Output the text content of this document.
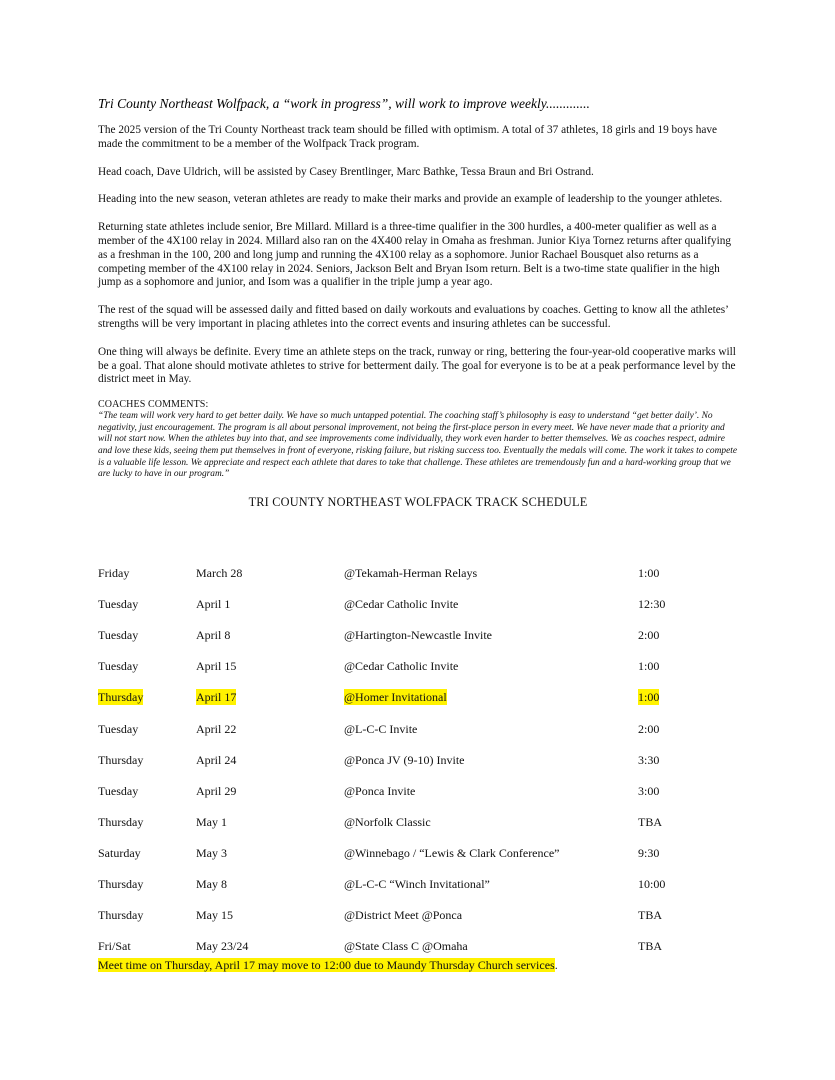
Tri County Northeast Wolfpack, a “work in progress”, will work to improve weekly.............

The 2025 version of the Tri County Northeast track team should be filled with optimism. A total of 37 athletes, 18 girls and 19 boys have made the commitment to be a member of the Wolfpack Track program.

Head coach, Dave Uldrich, will be assisted by Casey Brentlinger, Marc Bathke, Tessa Braun and Bri Ostrand.

Heading into the new season, veteran athletes are ready to make their marks and provide an example of leadership to the younger athletes.

Returning state athletes include senior, Bre Millard. Millard is a three-time qualifier in the 300 hurdles, a 400-meter qualifier as well as a member of the 4X100 relay in 2024. Millard also ran on the 4X400 relay in Omaha as freshman. Junior Kiya Tornez returns after qualifying as a freshman in the 100, 200 and long jump and running the 4X100 relay as a sophomore. Junior Rachael Bousquet also returns as a competing member of the 4X100 relay in 2024. Seniors, Jackson Belt and Bryan Isom return. Belt is a two-time state qualifier in the high jump as a sophomore and junior, and Isom was a qualifier in the triple jump a year ago.

The rest of the squad will be assessed daily and fitted based on daily workouts and evaluations by coaches. Getting to know all the athletes’ strengths will be very important in placing athletes into the correct events and insuring athletes can be successful.

One thing will always be definite. Every time an athlete steps on the track, runway or ring, bettering the four-year-old cooperative marks will be a goal. That alone should motivate athletes to strive for betterment daily. The goal for everyone is to be at a peak performance level by the district meet in May.

COACHES COMMENTS:
“The team will work very hard to get better daily. We have so much untapped potential. The coaching staff’s philosophy is easy to understand “get better daily’. No negativity, just encouragement. The program is all about personal improvement, not being the first-place person in every meet. We have never made that a priority and will not start now. When the athletes buy into that, and see improvements come individually, they work even harder to better themselves. We as coaches respect, admire and love these kids, seeing them put themselves in front of everyone, risking failure, but risking success too. Eventually the medals will come. The work it takes to compete is a valuable life lesson. We appreciate and respect each athlete that dares to take that challenge. These athletes are tremendously fun and a hard-working group that we are lucky to have in our program.”
TRI COUNTY NORTHEAST WOLFPACK TRACK SCHEDULE
Friday	March 28	@Tekamah-Herman Relays	1:00
Tuesday	April 1	@Cedar Catholic Invite	12:30
Tuesday	April 8	@Hartington-Newcastle Invite	2:00
Tuesday	April 15	@Cedar Catholic Invite	1:00
Thursday	April 17	@Homer Invitational	1:00
Tuesday	April 22	@L-C-C Invite	2:00
Thursday	April 24	@Ponca JV (9-10) Invite	3:30
Tuesday	April 29	@Ponca Invite	3:00
Thursday	May 1	@Norfolk Classic	TBA
Saturday	May 3	@Winnebago / “Lewis & Clark Conference”	9:30
Thursday	May 8	@L-C-C “Winch Invitational”	10:00
Thursday	May 15	@District Meet @Ponca	TBA
Fri/Sat	May 23/24	@State Class C @Omaha	TBA
Meet time on Thursday, April 17 may move to 12:00 due to Maundy Thursday Church services.
